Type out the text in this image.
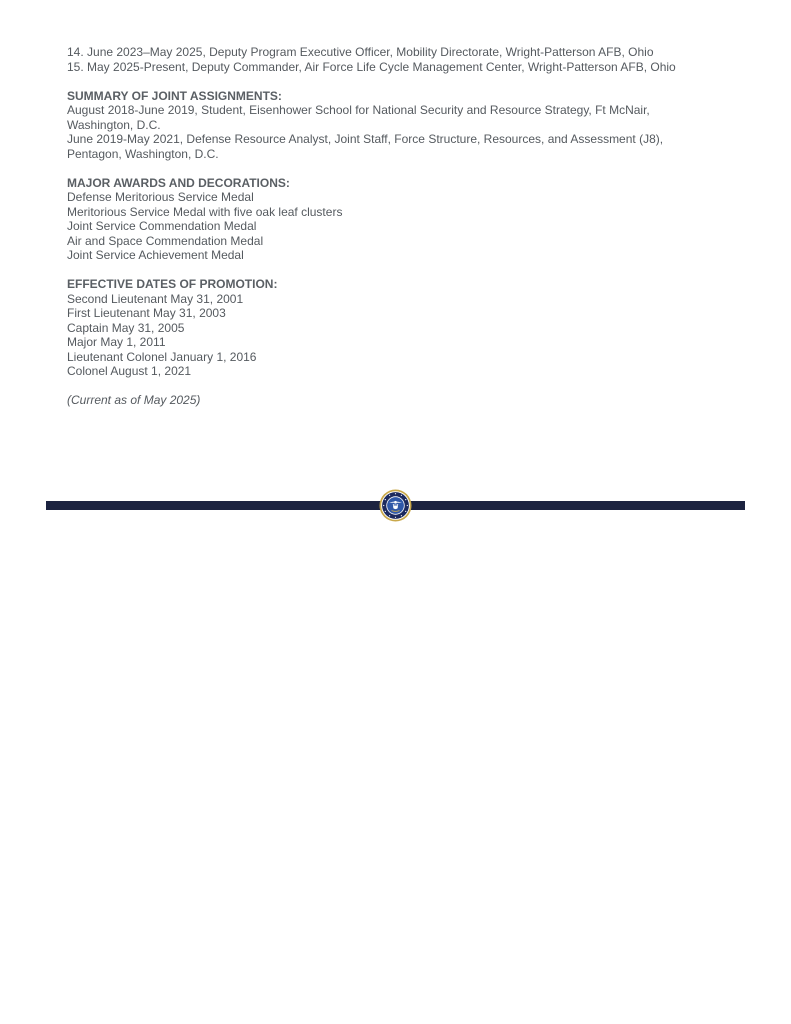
14. June 2023–May 2025, Deputy Program Executive Officer, Mobility Directorate, Wright-Patterson AFB, Ohio
15. May 2025-Present, Deputy Commander, Air Force Life Cycle Management Center, Wright-Patterson AFB, Ohio
SUMMARY OF JOINT ASSIGNMENTS:
August 2018-June 2019, Student, Eisenhower School for National Security and Resource Strategy, Ft McNair, Washington, D.C.
June 2019-May 2021, Defense Resource Analyst, Joint Staff, Force Structure, Resources, and Assessment (J8), Pentagon, Washington, D.C.
MAJOR AWARDS AND DECORATIONS:
Defense Meritorious Service Medal
Meritorious Service Medal with five oak leaf clusters
Joint Service Commendation Medal
Air and Space Commendation Medal
Joint Service Achievement Medal
EFFECTIVE DATES OF PROMOTION:
Second Lieutenant May 31, 2001
First Lieutenant May 31, 2003
Captain May 31, 2005
Major May 1, 2011
Lieutenant Colonel January 1, 2016
Colonel August 1, 2021
(Current as of May 2025)
